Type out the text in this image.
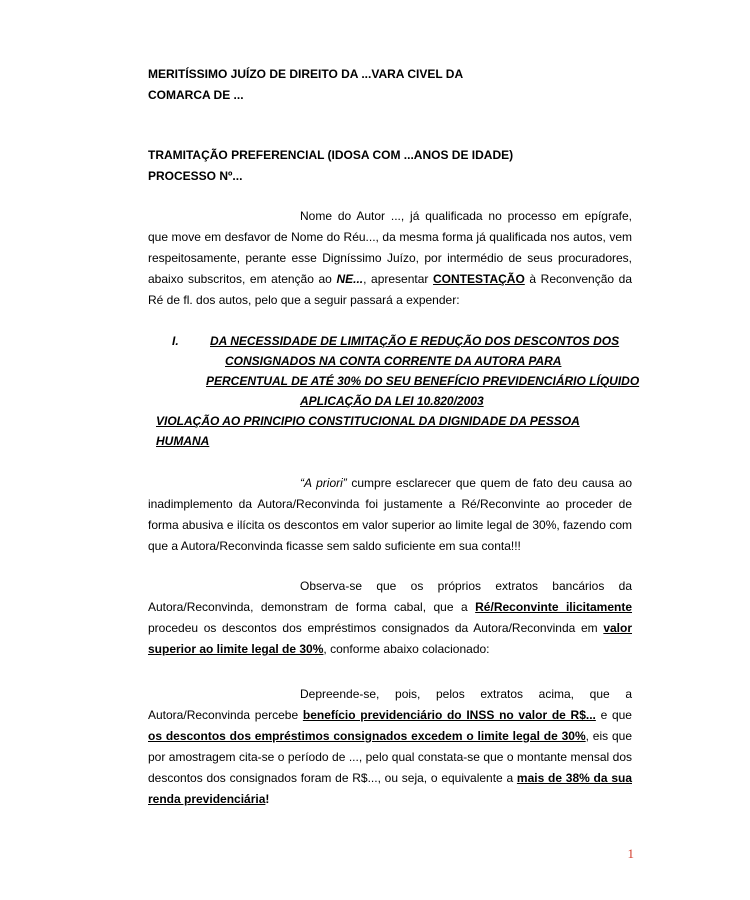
MERITÍSSIMO JUÍZO DE DIREITO DA ...VARA CIVEL DA
COMARCA DE ...
TRAMITAÇÃO PREFERENCIAL (IDOSA COM ...ANOS DE IDADE)
PROCESSO Nº...

Nome do Autor ..., já qualificada no processo em epígrafe, que move em desfavor de Nome do Réu..., da mesma forma já qualificada nos autos, vem respeitosamente, perante esse Digníssimo Juízo, por intermédio de seus procuradores, abaixo subscritos, em atenção ao NE..., apresentar CONTESTAÇÃO à Reconvenção da Ré de fl. dos autos, pelo que a seguir passará a expender:

I.	DA NECESSIDADE DE LIMITAÇÃO E REDUÇÃO DOS DESCONTOS DOS
CONSIGNADOS NA CONTA CORRENTE DA AUTORA PARA
PERCENTUAL DE ATÉ 30% DO SEU BENEFÍCIO PREVIDENCIÁRIO LÍQUIDO
APLICAÇÃO DA LEI 10.820/2003
VIOLAÇÃO AO PRINCIPIO CONSTITUCIONAL DA DIGNIDADE DA PESSOA HUMANA

“A priori” cumpre esclarecer que quem de fato deu causa ao inadimplemento da Autora/Reconvinda foi justamente a Ré/Reconvinte ao proceder de forma abusiva e ilícita os descontos em valor superior ao limite legal de 30%, fazendo com que a Autora/Reconvinda ficasse sem saldo suficiente em sua conta!!!

Observa-se que os próprios extratos bancários da Autora/Reconvinda, demonstram de forma cabal, que a Ré/Reconvinte ilicitamente procedeu os descontos dos empréstimos consignados da Autora/Reconvinda em valor superior ao limite legal de 30%, conforme abaixo colacionado:

Depreende-se, pois, pelos extratos acima, que a Autora/Reconvinda percebe benefício previdenciário do INSS no valor de R$... e que os descontos dos empréstimos consignados excedem o limite legal de 30%, eis que por amostragem cita-se o período de ..., pelo qual constata-se que o montante mensal dos descontos dos consignados foram de R$..., ou seja, o equivalente a mais de 38% da sua renda previdenciária!

1
